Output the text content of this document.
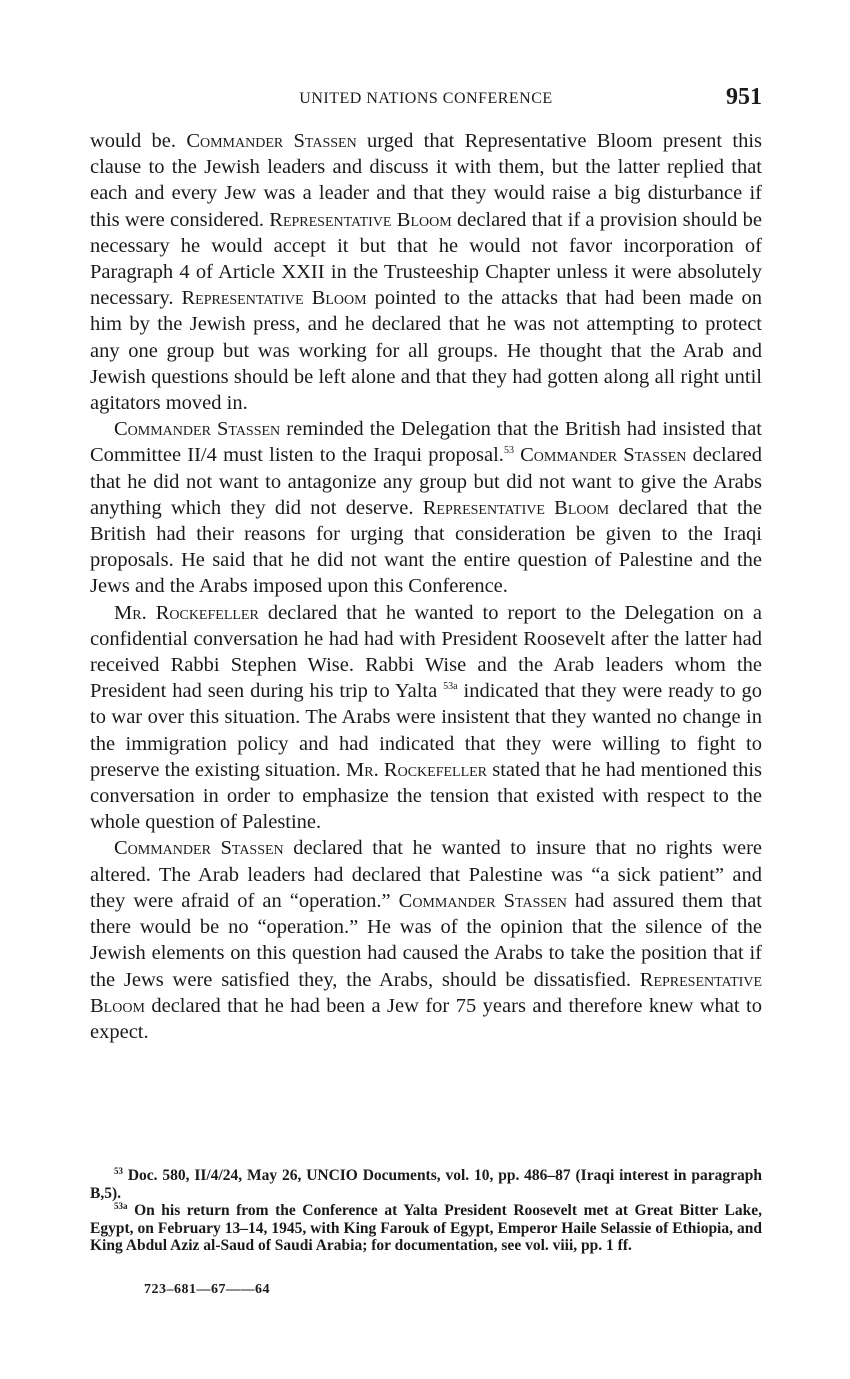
UNITED NATIONS CONFERENCE	951

would be. Commander Stassen urged that Representative Bloom present this clause to the Jewish leaders and discuss it with them, but the latter replied that each and every Jew was a leader and that they would raise a big disturbance if this were considered. Representative Bloom declared that if a provision should be necessary he would accept it but that he would not favor incorporation of Paragraph 4 of Article XXII in the Trusteeship Chapter unless it were absolutely necessary. Representative Bloom pointed to the attacks that had been made on him by the Jewish press, and he declared that he was not attempting to protect any one group but was working for all groups. He thought that the Arab and Jewish questions should be left alone and that they had gotten along all right until agitators moved in.

Commander Stassen reminded the Delegation that the British had insisted that Committee II/4 must listen to the Iraqui proposal.$^{53}$ Commander Stassen declared that he did not want to antagonize any group but did not want to give the Arabs anything which they did not deserve. Representative Bloom declared that the British had their reasons for urging that consideration be given to the Iraqi proposals. He said that he did not want the entire question of Palestine and the Jews and the Arabs imposed upon this Conference.

Mr. Rockefeller declared that he wanted to report to the Delegation on a confidential conversation he had had with President Roosevelt after the latter had received Rabbi Stephen Wise. Rabbi Wise and the Arab leaders whom the President had seen during his trip to Yalta $^{53a}$ indicated that they were ready to go to war over this situation. The Arabs were insistent that they wanted no change in the immigration policy and had indicated that they were willing to fight to preserve the existing situation. Mr. Rockefeller stated that he had mentioned this conversation in order to emphasize the tension that existed with respect to the whole question of Palestine.

Commander Stassen declared that he wanted to insure that no rights were altered. The Arab leaders had declared that Palestine was “a sick patient” and they were afraid of an “operation.” Commander Stassen had assured them that there would be no “operation.” He was of the opinion that the silence of the Jewish elements on this question had caused the Arabs to take the position that if the Jews were satisfied they, the Arabs, should be dissatisfied. Representative Bloom declared that he had been a Jew for 75 years and therefore knew what to expect.

$^{53}$ Doc. 580, II/4/24, May 26, UNCIO Documents, vol. 10, pp. 486–87 (Iraqi interest in paragraph B,5).

$^{53a}$ On his return from the Conference at Yalta President Roosevelt met at Great Bitter Lake, Egypt, on February 13–14, 1945, with King Farouk of Egypt, Emperor Haile Selassie of Ethiopia, and King Abdul Aziz al-Saud of Saudi Arabia; for documentation, see vol. viii, pp. 1 ff.

723–681—67——64
